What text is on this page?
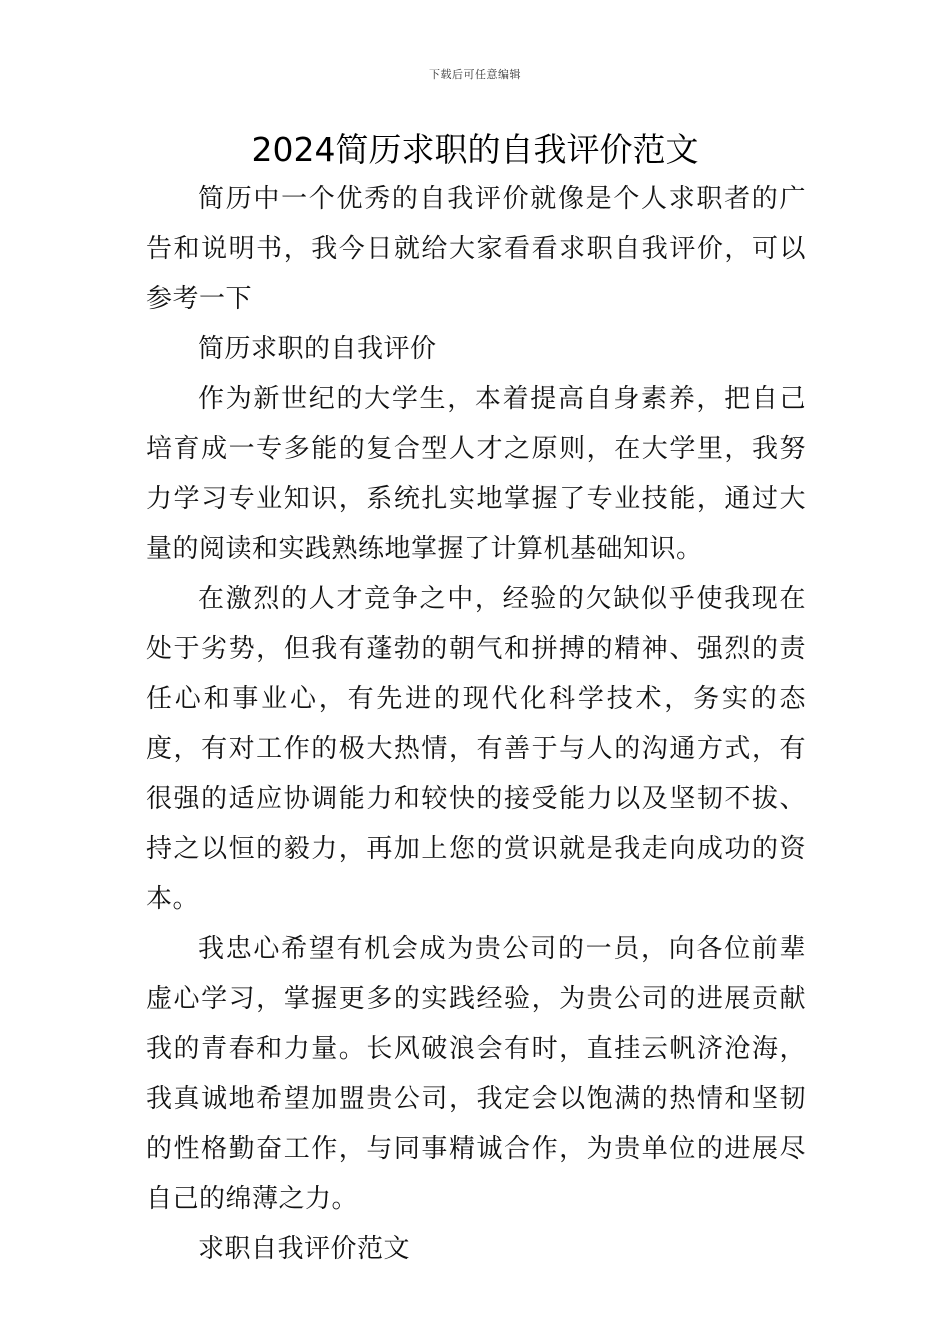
下载后可任意编辑
2024简历求职的自我评价范文

简历中一个优秀的自我评价就像是个人求职者的广告和说明书，我今日就给大家看看求职自我评价，可以参考一下

简历求职的自我评价

作为新世纪的大学生，本着提高自身素养，把自己培育成一专多能的复合型人才之原则，在大学里，我努力学习专业知识，系统扎实地掌握了专业技能，通过大量的阅读和实践熟练地掌握了计算机基础知识。

在激烈的人才竞争之中，经验的欠缺似乎使我现在处于劣势，但我有蓬勃的朝气和拼搏的精神、强烈的责任心和事业心，有先进的现代化科学技术，务实的态度，有对工作的极大热情，有善于与人的沟通方式，有很强的适应协调能力和较快的接受能力以及坚韧不拔、持之以恒的毅力，再加上您的赏识就是我走向成功的资本。

我忠心希望有机会成为贵公司的一员，向各位前辈虚心学习，掌握更多的实践经验，为贵公司的进展贡献我的青春和力量。长风破浪会有时，直挂云帆济沧海，我真诚地希望加盟贵公司，我定会以饱满的热情和坚韧的性格勤奋工作，与同事精诚合作，为贵单位的进展尽自己的绵薄之力。

求职自我评价范文
